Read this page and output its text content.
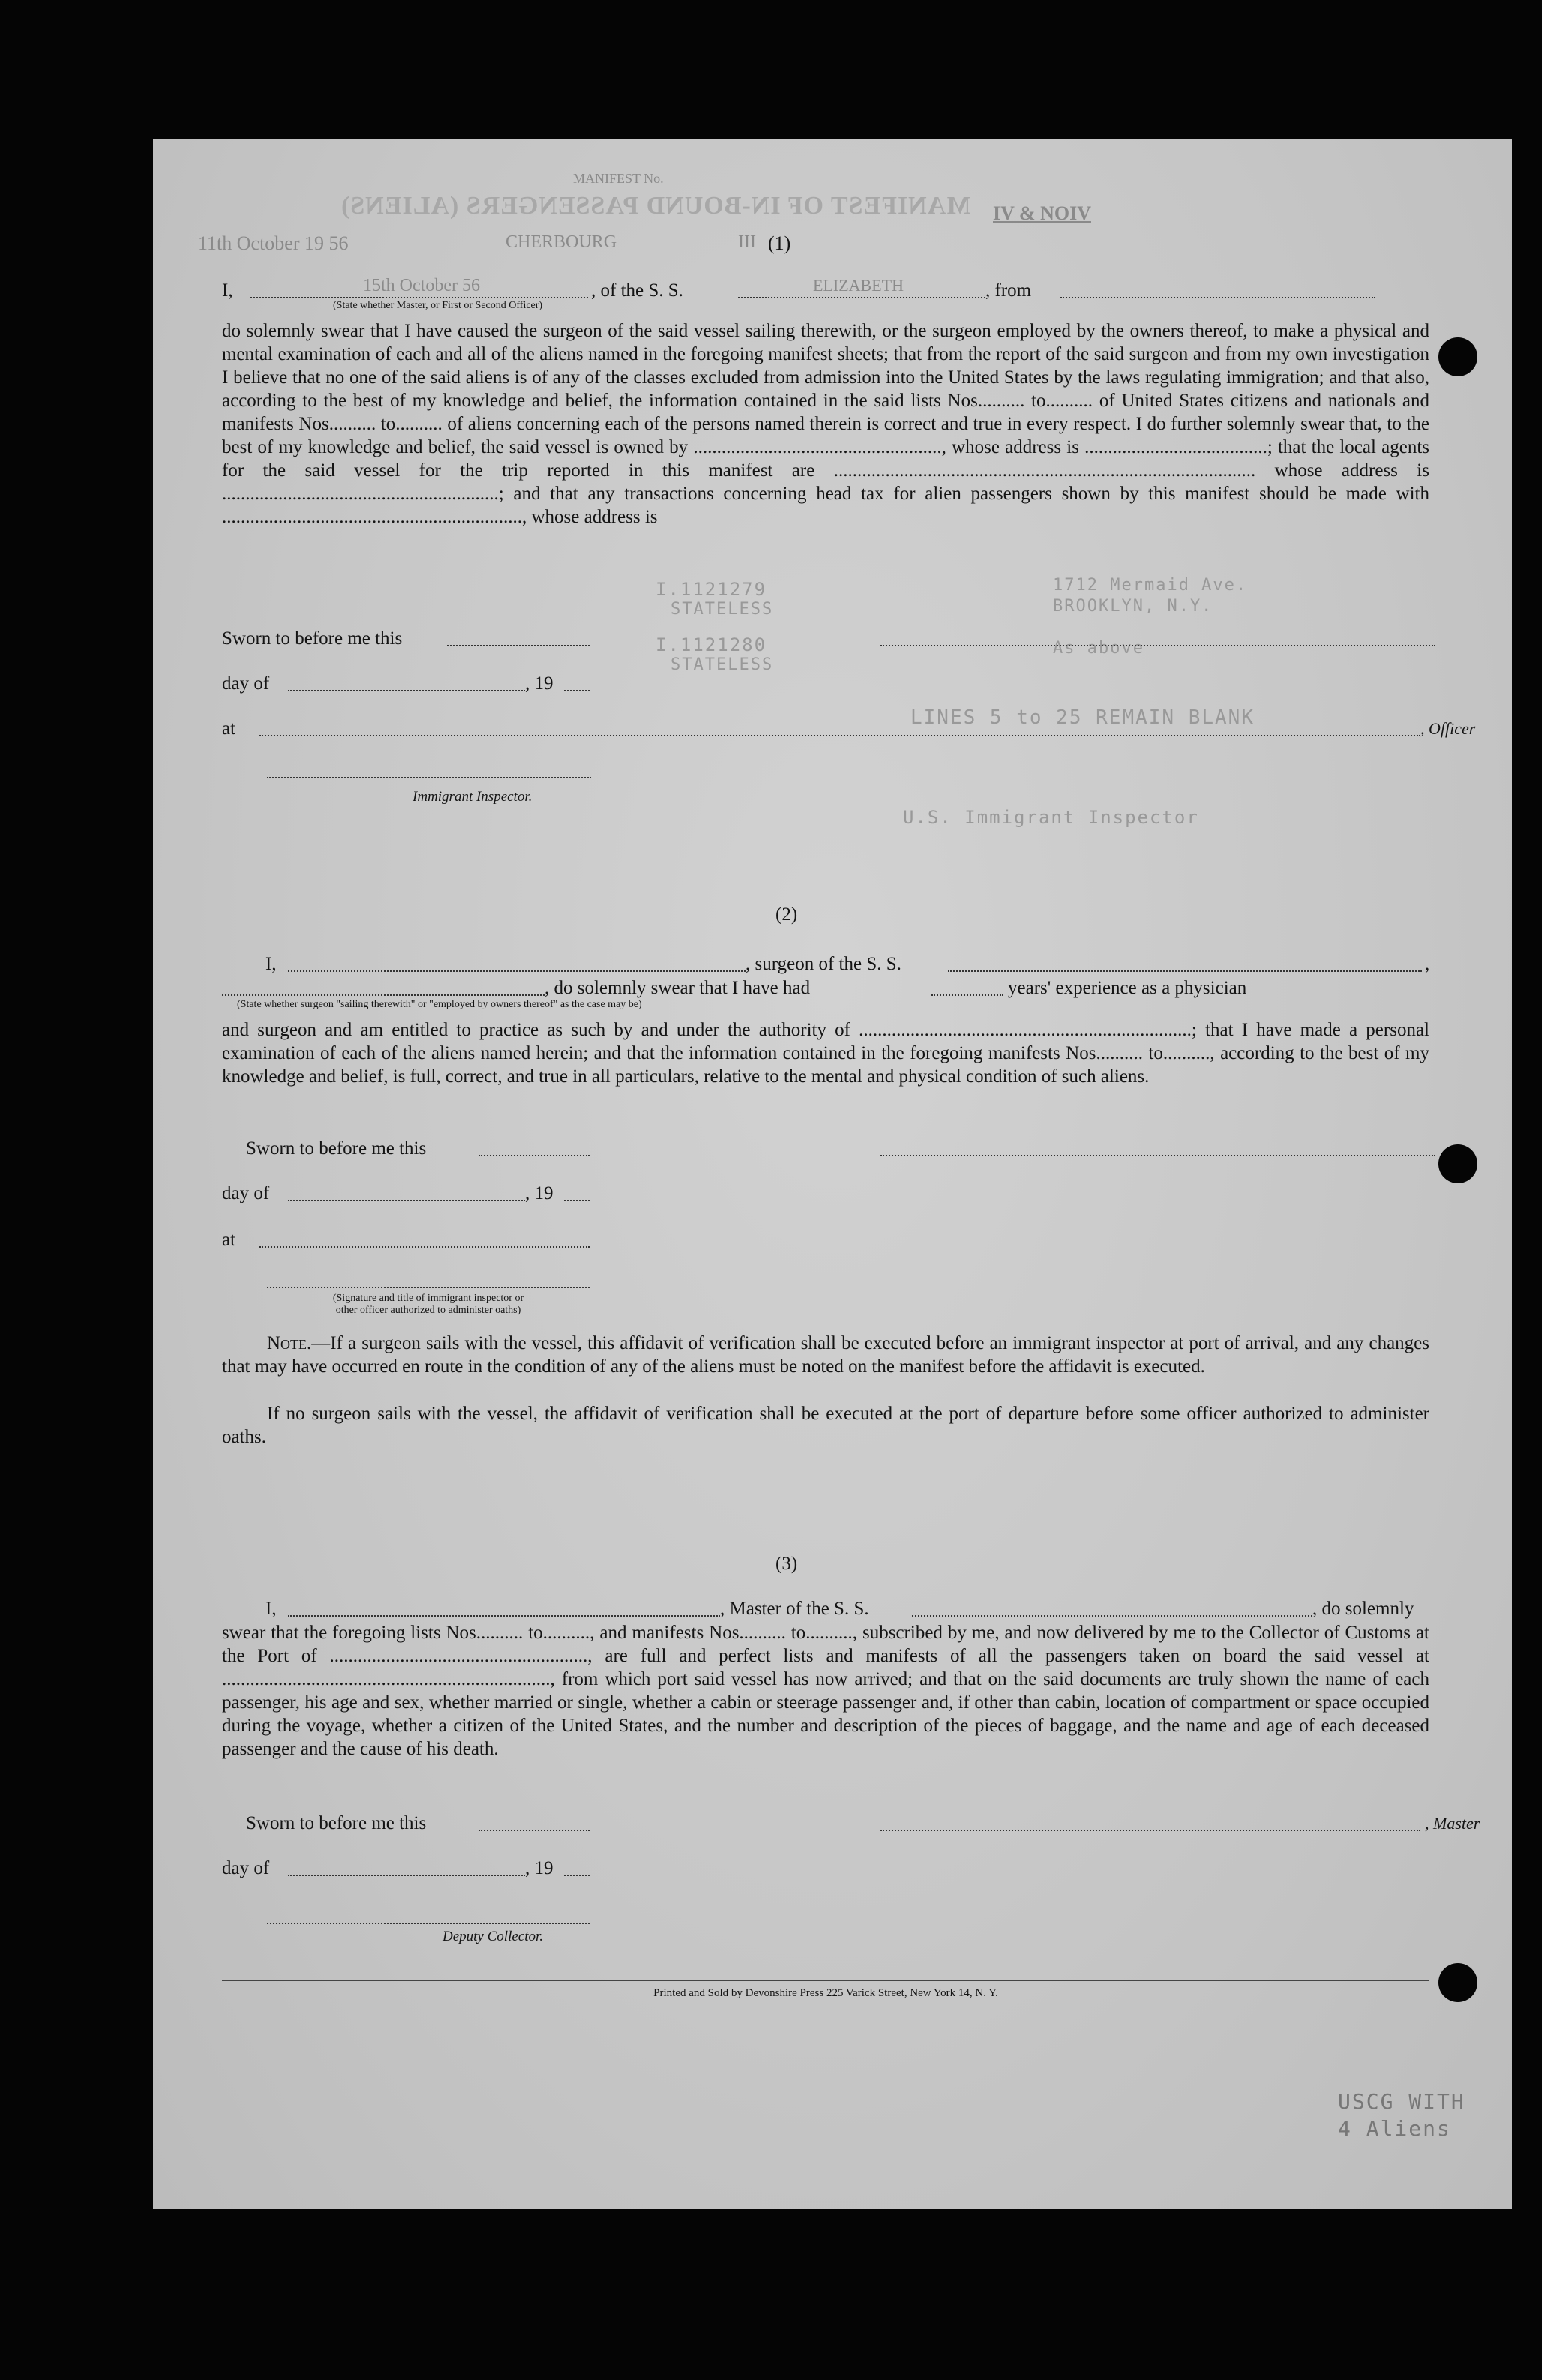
MANIFEST No.
MANIFEST OF IN-BOUND PASSENGERS (ALIENS)
11th October 19 56	CHERBOURG	III (1)
IV & NOIV
I,	15th October 56	, of the S. S.	ELIZABETH	, from
(State whether Master, or First or Second Officer)
do solemnly swear that I have caused the surgeon of the said vessel sailing therewith, or the surgeon employed by the owners thereof, to make a physical and mental examination of each and all of the aliens named in the foregoing manifest sheets; that from the report of the said surgeon and from my own investigation I believe that no one of the said aliens is of any of the classes excluded from admission into the United States by the laws regulating immigration; and that also, according to the best of my knowledge and belief, the information contained in the said lists Nos.......... to.......... of United States citizens and nationals and manifests Nos.......... to.......... of aliens concerning each of the persons named therein is correct and true in every respect. I do further solemnly swear that, to the best of my knowledge and belief, the said vessel is owned by ....................................................., whose address is .......................................; that the local agents for the said vessel for the trip reported in this manifest are .......................................................................................... whose address is ...........................................................; and that any transactions concerning head tax for alien passengers shown by this manifest should be made with ................................................................, whose address is
I.1121279
STATELESS
I.1121280
STATELESS
1712 Mermaid Ave.
BROOKLYN, N.Y.
As above
Sworn to before me this
day of	, 19
at	LINES 5 to 25 REMAIN BLANK	, Officer
U.S. Immigrant Inspector
Immigrant Inspector.
(2)
I,	, surgeon of the S. S.	,
, do solemnly swear that I have had	years' experience as a physician
(State whether surgeon "sailing therewith" or "employed by owners thereof" as the case may be)
and surgeon and am entitled to practice as such by and under the authority of .......................................................................; that I have made a personal examination of each of the aliens named herein; and that the information contained in the foregoing manifests Nos.......... to.........., according to the best of my knowledge and belief, is full, correct, and true in all particulars, relative to the mental and physical condition of such aliens.
Sworn to before me this
day of	, 19
at
(Signature and title of immigrant inspector or
other officer authorized to administer oaths)
Note.—If a surgeon sails with the vessel, this affidavit of verification shall be executed before an immigrant inspector at port of arrival, and any changes that may have occurred en route in the condition of any of the aliens must be noted on the manifest before the affidavit is executed.
If no surgeon sails with the vessel, the affidavit of verification shall be executed at the port of departure before some officer authorized to administer oaths.
(3)
I,	, Master of the S. S.	, do solemnly
swear that the foregoing lists Nos.......... to.........., and manifests Nos.......... to.........., subscribed by me, and now delivered by me to the Collector of Customs at the Port of ......................................................., are full and perfect lists and manifests of all the passengers taken on board the said vessel at ......................................................................, from which port said vessel has now arrived; and that on the said documents are truly shown the name of each passenger, his age and sex, whether married or single, whether a cabin or steerage passenger and, if other than cabin, location of compartment or space occupied during the voyage, whether a citizen of the United States, and the number and description of the pieces of baggage, and the name and age of each deceased passenger and the cause of his death.
Sworn to before me this	, Master
day of	, 19
Deputy Collector.
Printed and Sold by Devonshire Press 225 Varick Street, New York 14, N. Y.
USCG WITH
4 Aliens
